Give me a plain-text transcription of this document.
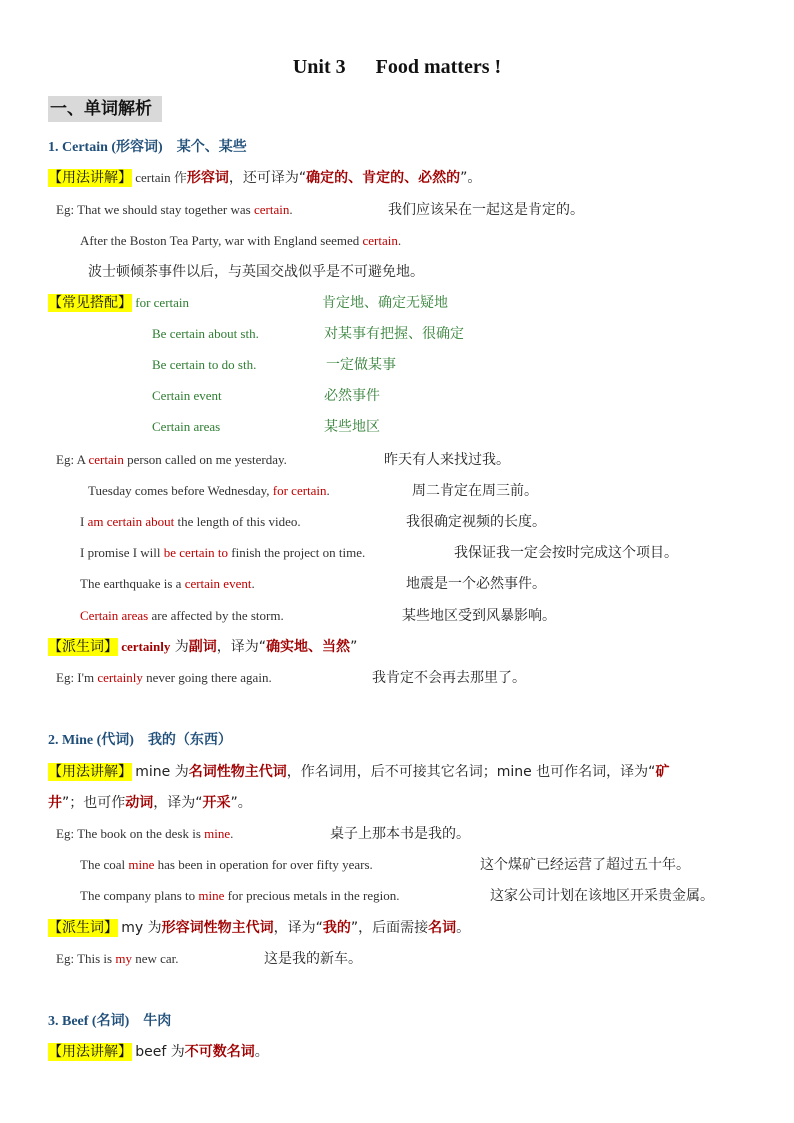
Unit 3      Food matters !
一、单词解析
1. Certain (形容词) 某个、某些
【用法讲解】 certain 作形容词，还可译为“确定的、肯定的、必然的”。
Eg: That we should stay together was certain.	我们应该呆在一起这是肯定的。
After the Boston Tea Party, war with England seemed certain.
波士顿倾茶事件以后，与英国交战似乎是不可避免地。
【常见搭配】 for certain	肯定地、确定无疑地
Be certain about sth.	对某事有把握、很确定
Be certain to do sth.	一定做某事
Certain event	必然事件
Certain areas	某些地区
Eg: A certain person called on me yesterday.	昨天有人来找过我。
Tuesday comes before Wednesday, for certain.	周二肯定在周三前。
I am certain about the length of this video.	我很确定视频的长度。
I promise I will be certain to finish the project on time.	我保证我一定会按时完成这个项目。
The earthquake is a certain event.	地震是一个必然事件。
Certain areas are affected by the storm.	某些地区受到风暴影响。
【派生词】 certainly 为副词，译为“确实地、当然”
Eg: I'm certainly never going there again.	我肯定不会再去那里了。
2. Mine (代词) 我的（东西）
【用法讲解】 mine 为名词性物主代词，作名词用，后不可接其它名词；mine 也可作名词，译为“矿
井”；也可作动词，译为“开采”。
Eg: The book on the desk is mine.	桌子上那本书是我的。
The coal mine has been in operation for over fifty years.	这个煤矿已经运营了超过五十年。
The company plans to mine for precious metals in the region.	这家公司计划在该地区开采贵金属。
【派生词】 my 为形容词性物主代词，译为“我的”，后面需接名词。
Eg: This is my new car.	这是我的新车。
3. Beef (名词) 牛肉
【用法讲解】 beef 为不可数名词。
